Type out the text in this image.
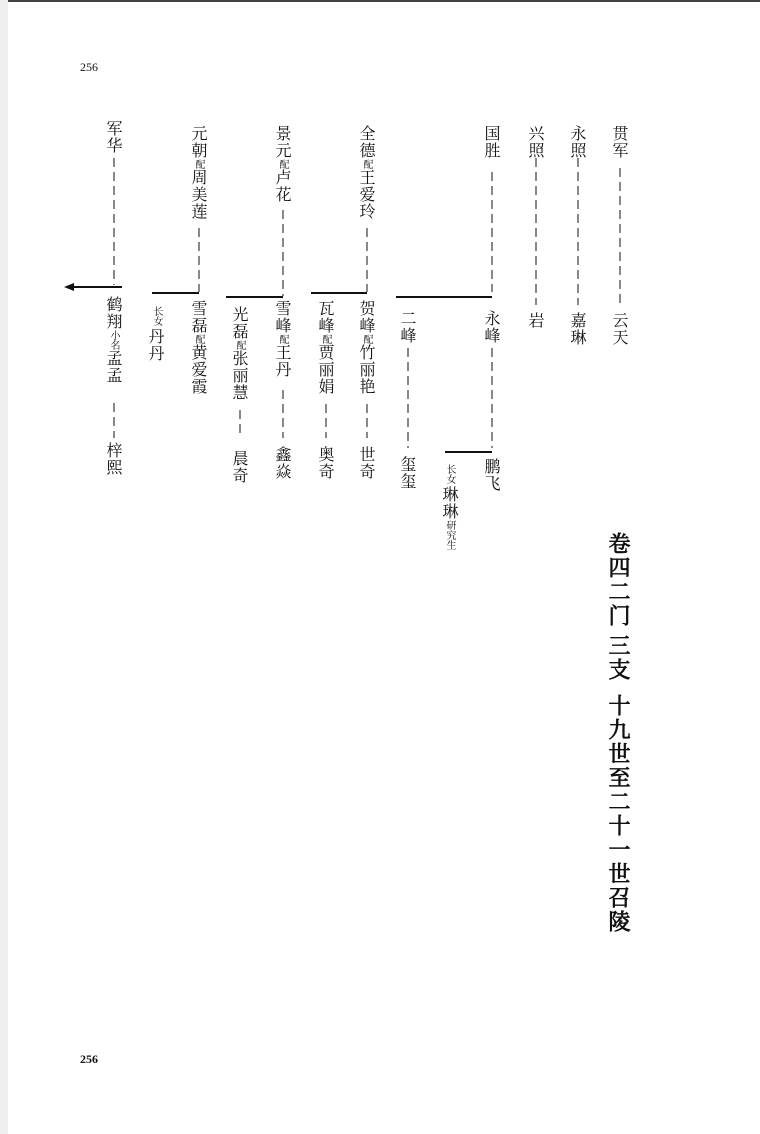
256
256
卷四二门
三支
十九世至二十一世召陵
贯军
云天
永照
嘉琳
兴照
岩
国胜
永峰
鹏飞
长女
琳琳
研究生
二峰
玺玺
全德配王爱玲
贺峰配竹丽艳
世奇
瓦峰配贾丽娟
奥奇
景元配卢花
雪峰配王丹
鑫焱
光磊配张丽慧
晨奇
元朝配周美莲
雪磊配黄爱霞
长女
丹丹
军华
鹤翔小名孟孟
梓熙
